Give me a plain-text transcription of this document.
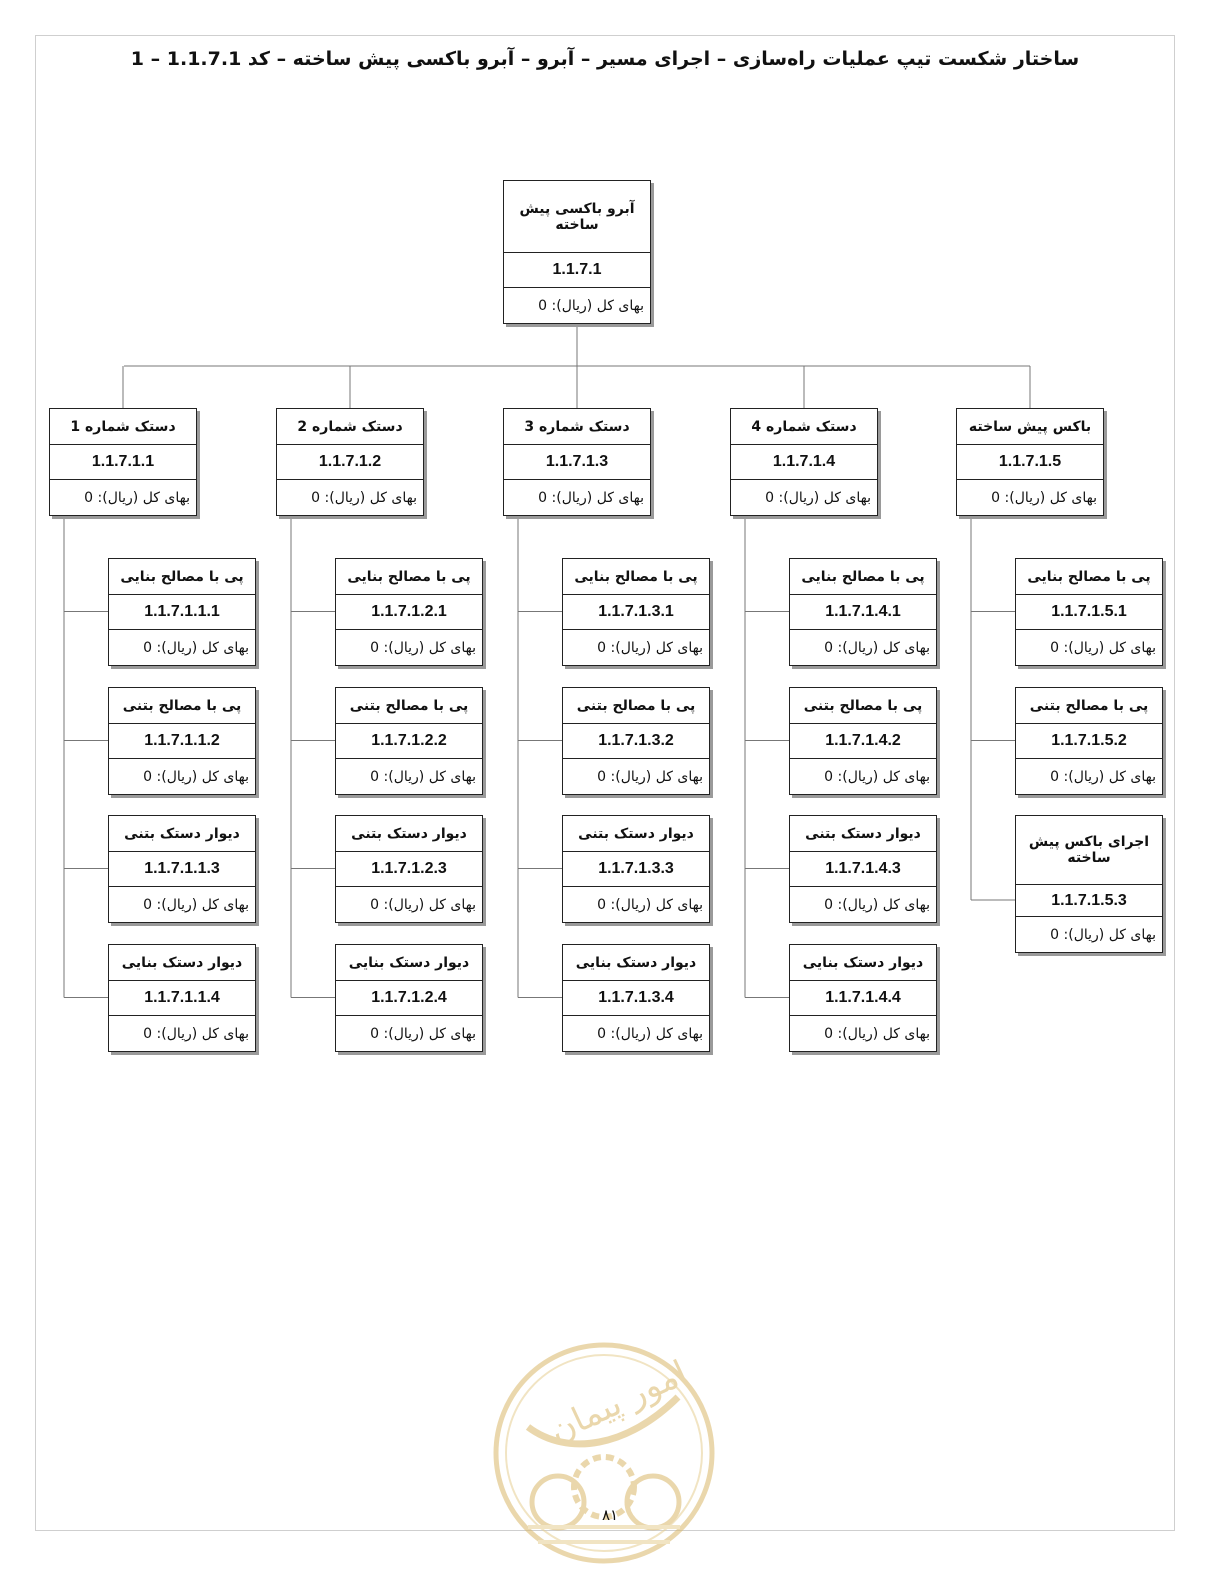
ساختار شکست تیپ عملیات راه‌سازی – اجرای مسیر – آبرو – آبرو باکسی پیش ساخته – کد 1.1.7.1 – 1
آبرو باکسی پیش ساخته
1.1.7.1
بهای کل (ریال): 0
دستک شماره 1
1.1.7.1.1
بهای کل (ریال): 0
پی با مصالح بنایی
1.1.7.1.1.1
بهای کل (ریال): 0
پی با مصالح بتنی
1.1.7.1.1.2
بهای کل (ریال): 0
دیوار دستک بتنی
1.1.7.1.1.3
بهای کل (ریال): 0
دیوار دستک بنایی
1.1.7.1.1.4
بهای کل (ریال): 0
دستک شماره 2
1.1.7.1.2
بهای کل (ریال): 0
پی با مصالح بنایی
1.1.7.1.2.1
بهای کل (ریال): 0
پی با مصالح بتنی
1.1.7.1.2.2
بهای کل (ریال): 0
دیوار دستک بتنی
1.1.7.1.2.3
بهای کل (ریال): 0
دیوار دستک بنایی
1.1.7.1.2.4
بهای کل (ریال): 0
دستک شماره 3
1.1.7.1.3
بهای کل (ریال): 0
پی با مصالح بنایی
1.1.7.1.3.1
بهای کل (ریال): 0
پی با مصالح بتنی
1.1.7.1.3.2
بهای کل (ریال): 0
دیوار دستک بتنی
1.1.7.1.3.3
بهای کل (ریال): 0
دیوار دستک بنایی
1.1.7.1.3.4
بهای کل (ریال): 0
دستک شماره 4
1.1.7.1.4
بهای کل (ریال): 0
پی با مصالح بنایی
1.1.7.1.4.1
بهای کل (ریال): 0
پی با مصالح بتنی
1.1.7.1.4.2
بهای کل (ریال): 0
دیوار دستک بتنی
1.1.7.1.4.3
بهای کل (ریال): 0
دیوار دستک بنایی
1.1.7.1.4.4
بهای کل (ریال): 0
باکس پیش ساخته
1.1.7.1.5
بهای کل (ریال): 0
پی با مصالح بنایی
1.1.7.1.5.1
بهای کل (ریال): 0
پی با مصالح بتنی
1.1.7.1.5.2
بهای کل (ریال): 0
اجرای باکس پیش ساخته
1.1.7.1.5.3
بهای کل (ریال): 0
امور پیمان
۸۱
